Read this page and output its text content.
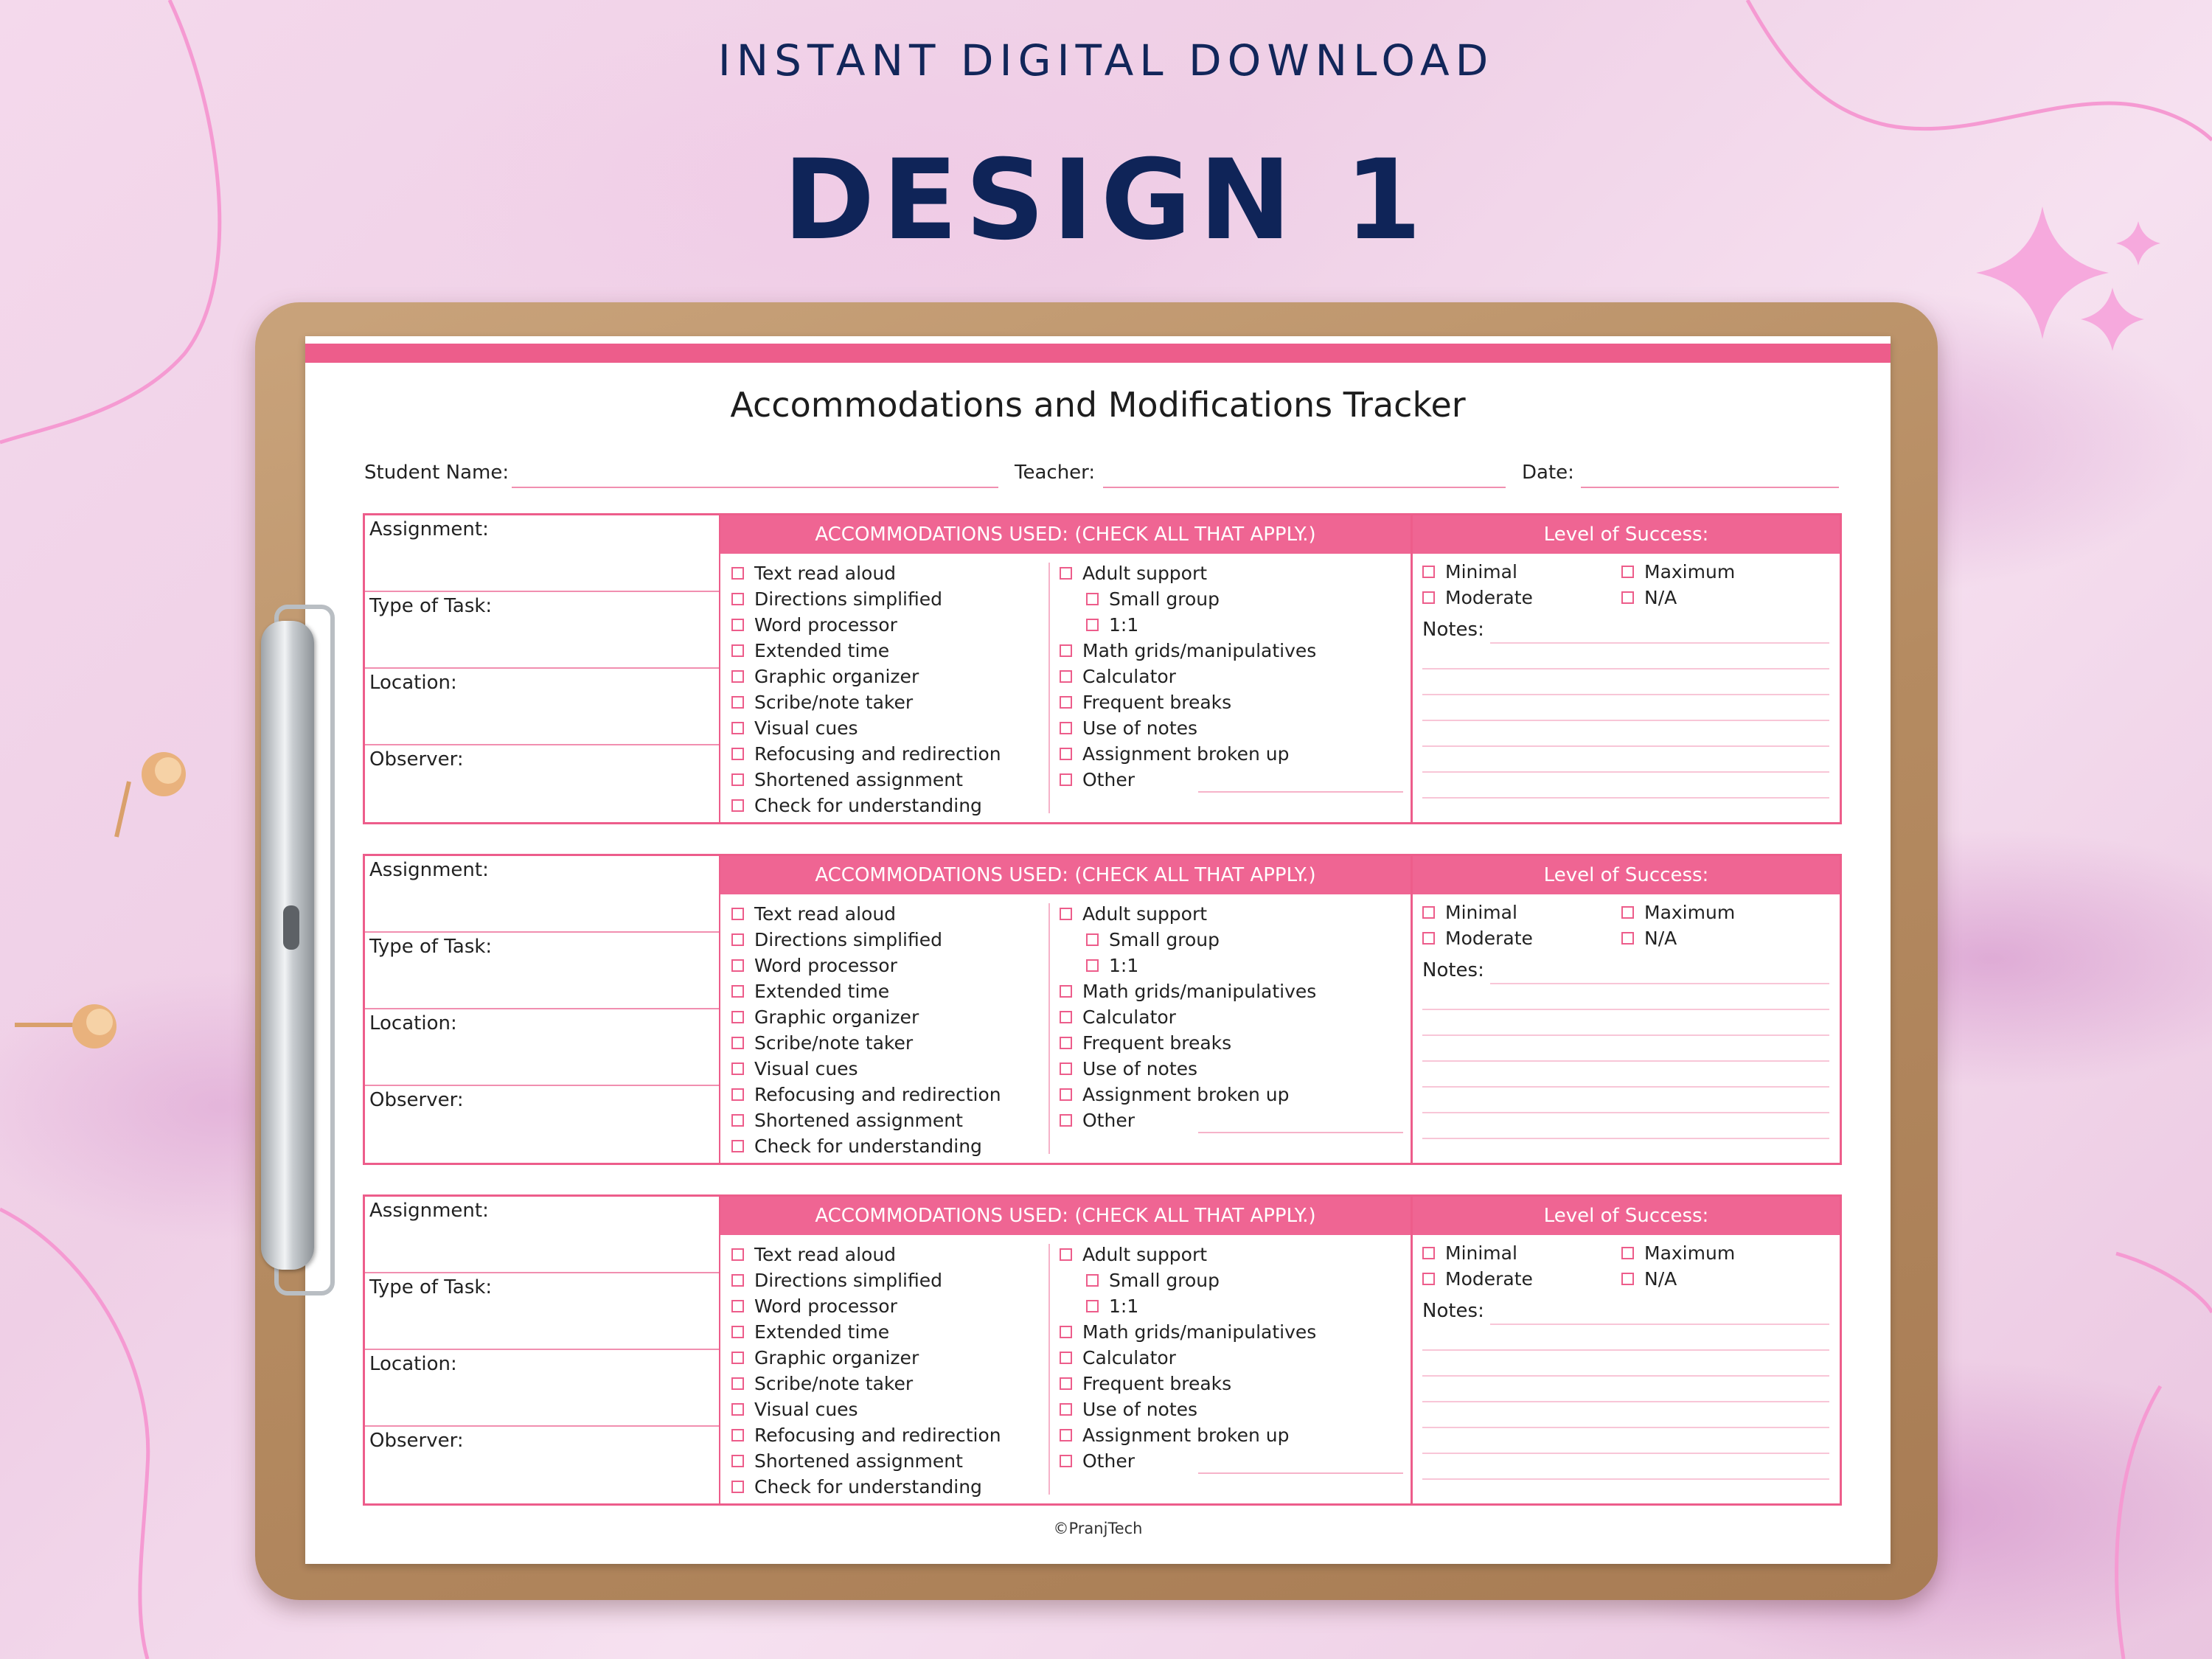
INSTANT DIGITAL DOWNLOAD
DESIGN 1
Accommodations and Modifications Tracker
Student Name:	Teacher:	Date:
Assignment:
Type of Task:
Location:
Observer:
ACCOMMODATIONS USED: (CHECK ALL THAT APPLY.)	Level of Success:
Text read aloud
Directions simplified
Word processor
Extended time
Graphic organizer
Scribe/note taker
Visual cues
Refocusing and redirection
Shortened assignment
Check for understanding
Adult support
Small group
1:1
Math grids/manipulatives
Calculator
Frequent breaks
Use of notes
Assignment broken up
Other
Minimal	Maximum
Moderate	N/A
Notes:
Assignment:
Type of Task:
Location:
Observer:
ACCOMMODATIONS USED: (CHECK ALL THAT APPLY.)	Level of Success:
Text read aloud
Directions simplified
Word processor
Extended time
Graphic organizer
Scribe/note taker
Visual cues
Refocusing and redirection
Shortened assignment
Check for understanding
Adult support
Small group
1:1
Math grids/manipulatives
Calculator
Frequent breaks
Use of notes
Assignment broken up
Other
Minimal	Maximum
Moderate	N/A
Notes:
Assignment:
Type of Task:
Location:
Observer:
ACCOMMODATIONS USED: (CHECK ALL THAT APPLY.)	Level of Success:
Text read aloud
Directions simplified
Word processor
Extended time
Graphic organizer
Scribe/note taker
Visual cues
Refocusing and redirection
Shortened assignment
Check for understanding
Adult support
Small group
1:1
Math grids/manipulatives
Calculator
Frequent breaks
Use of notes
Assignment broken up
Other
Minimal	Maximum
Moderate	N/A
Notes:
©PranjTech
